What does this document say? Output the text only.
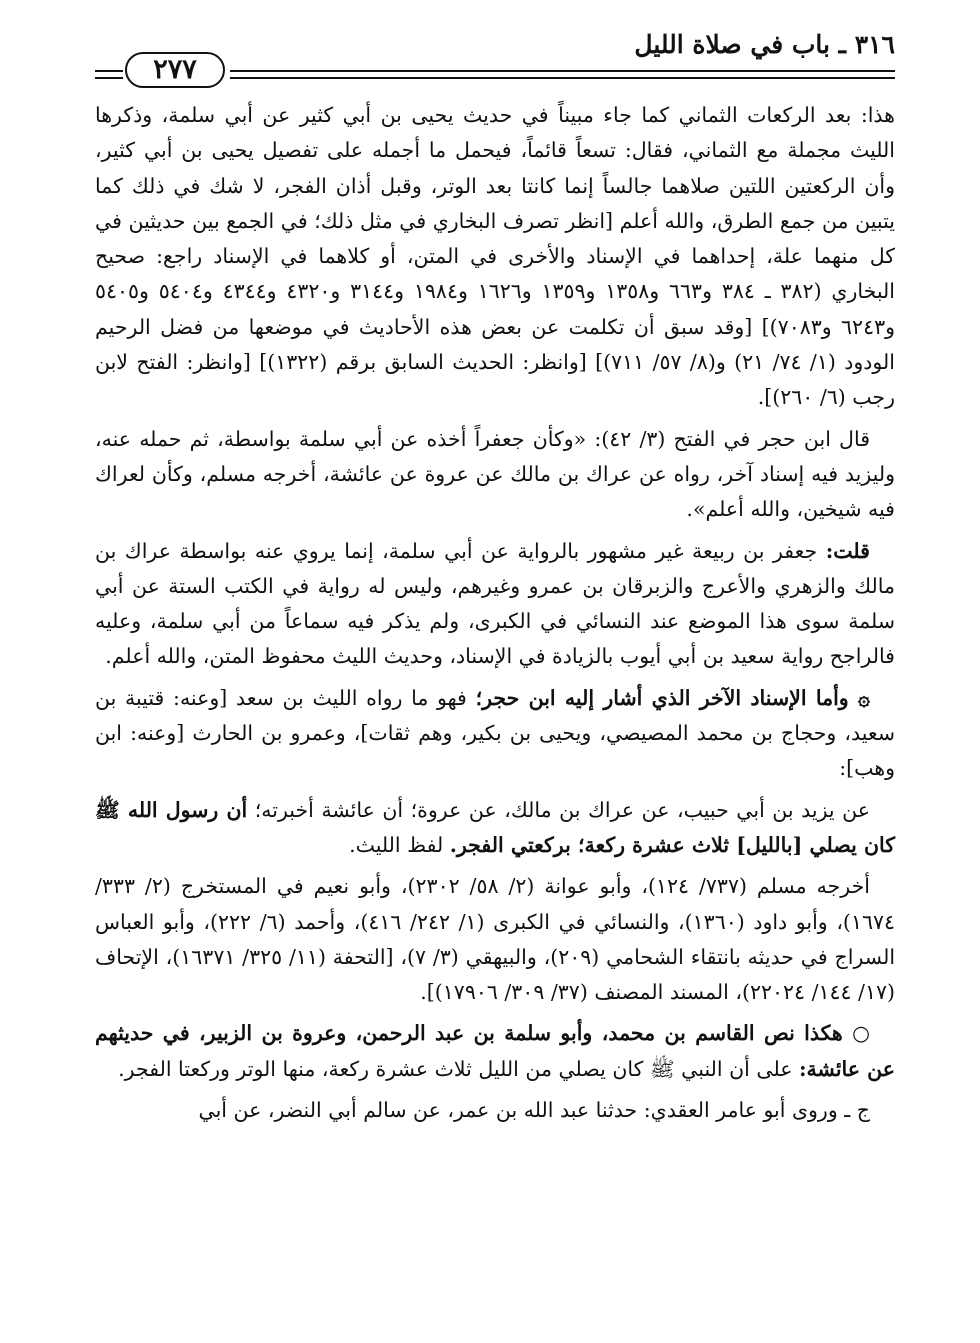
٣١٦ ـ باب في صلاة الليل
٢٧٧

هذا: بعد الركعات الثماني كما جاء مبيناً في حديث يحيى بن أبي كثير عن أبي سلمة، وذكرها الليث مجملة مع الثماني، فقال: تسعاً قائماً، فيحمل ما أجمله على تفصيل يحيى بن أبي كثير، وأن الركعتين اللتين صلاهما جالساً إنما كانتا بعد الوتر، وقبل أذان الفجر، لا شك في ذلك كما يتبين من جمع الطرق، والله أعلم [انظر تصرف البخاري في مثل ذلك؛ في الجمع بين حديثين في كل منهما علة، إحداهما في الإسناد والأخرى في المتن، أو كلاهما في الإسناد راجع: صحيح البخاري (٣٨٢ ـ ٣٨٤ و٦٦٣ و١٣٥٨ و١٣٥٩ و١٦٢٦ و١٩٨٤ و٣١٤٤ و٤٣٢٠ و٤٣٤٤ و٥٤٠٤ و٥٤٠٥ و٦٢٤٣ و٧٠٨٣)] [وقد سبق أن تكلمت عن بعض هذه الأحاديث في موضعها من فضل الرحيم الودود (١/ ٧٤/ ٢١) و(٨/ ٥٧/ ٧١١)] [وانظر: الحديث السابق برقم (١٣٢٢)] [وانظر: الفتح لابن رجب (٦/ ٢٦٠)].

قال ابن حجر في الفتح (٣/ ٤٢): «وكأن جعفراً أخذه عن أبي سلمة بواسطة، ثم حمله عنه، وليزيد فيه إسناد آخر، رواه عن عراك بن مالك عن عروة عن عائشة، أخرجه مسلم، وكأن لعراك فيه شيخين، والله أعلم».

قلت: جعفر بن ربيعة غير مشهور بالرواية عن أبي سلمة، إنما يروي عنه بواسطة عراك بن مالك والزهري والأعرج والزبرقان بن عمرو وغيرهم، وليس له رواية في الكتب الستة عن أبي سلمة سوى هذا الموضع عند النسائي في الكبرى، ولم يذكر فيه سماعاً من أبي سلمة، وعليه فالراجح رواية سعيد بن أبي أيوب بالزيادة في الإسناد، وحديث الليث محفوظ المتن، والله أعلم.

۞ وأما الإسناد الآخر الذي أشار إليه ابن حجر؛ فهو ما رواه الليث بن سعد [وعنه: قتيبة بن سعيد، وحجاج بن محمد المصيصي، ويحيى بن بكير، وهم ثقات]، وعمرو بن الحارث [وعنه: ابن وهب]:

عن يزيد بن أبي حبيب، عن عراك بن مالك، عن عروة؛ أن عائشة أخبرته؛ أن رسول الله ﷺ كان يصلي [بالليل] ثلاث عشرة ركعة؛ بركعتي الفجر. لفظ الليث.

أخرجه مسلم (٧٣٧/ ١٢٤)، وأبو عوانة (٢/ ٥٨/ ٢٣٠٢)، وأبو نعيم في المستخرج (٢/ ٣٣٣/ ١٦٧٤)، وأبو داود (١٣٦٠)، والنسائي في الكبرى (١/ ٢٤٢/ ٤١٦)، وأحمد (٦/ ٢٢٢)، وأبو العباس السراج في حديثه بانتقاء الشحامي (٢٠٩)، والبيهقي (٣/ ٧)، [التحفة (١١/ ٣٢٥/ ١٦٣٧١)، الإتحاف (١٧/ ١٤٤/ ٢٢٠٢٤)، المسند المصنف (٣٧/ ٣٠٩/ ١٧٩٠٦)].

○ هكذا نص القاسم بن محمد، وأبو سلمة بن عبد الرحمن، وعروة بن الزبير، في حديثهم عن عائشة: على أن النبي ﷺ كان يصلي من الليل ثلاث عشرة ركعة، منها الوتر وركعتا الفجر.

ج ـ وروى أبو عامر العقدي: حدثنا عبد الله بن عمر، عن سالم أبي النضر، عن أبي
